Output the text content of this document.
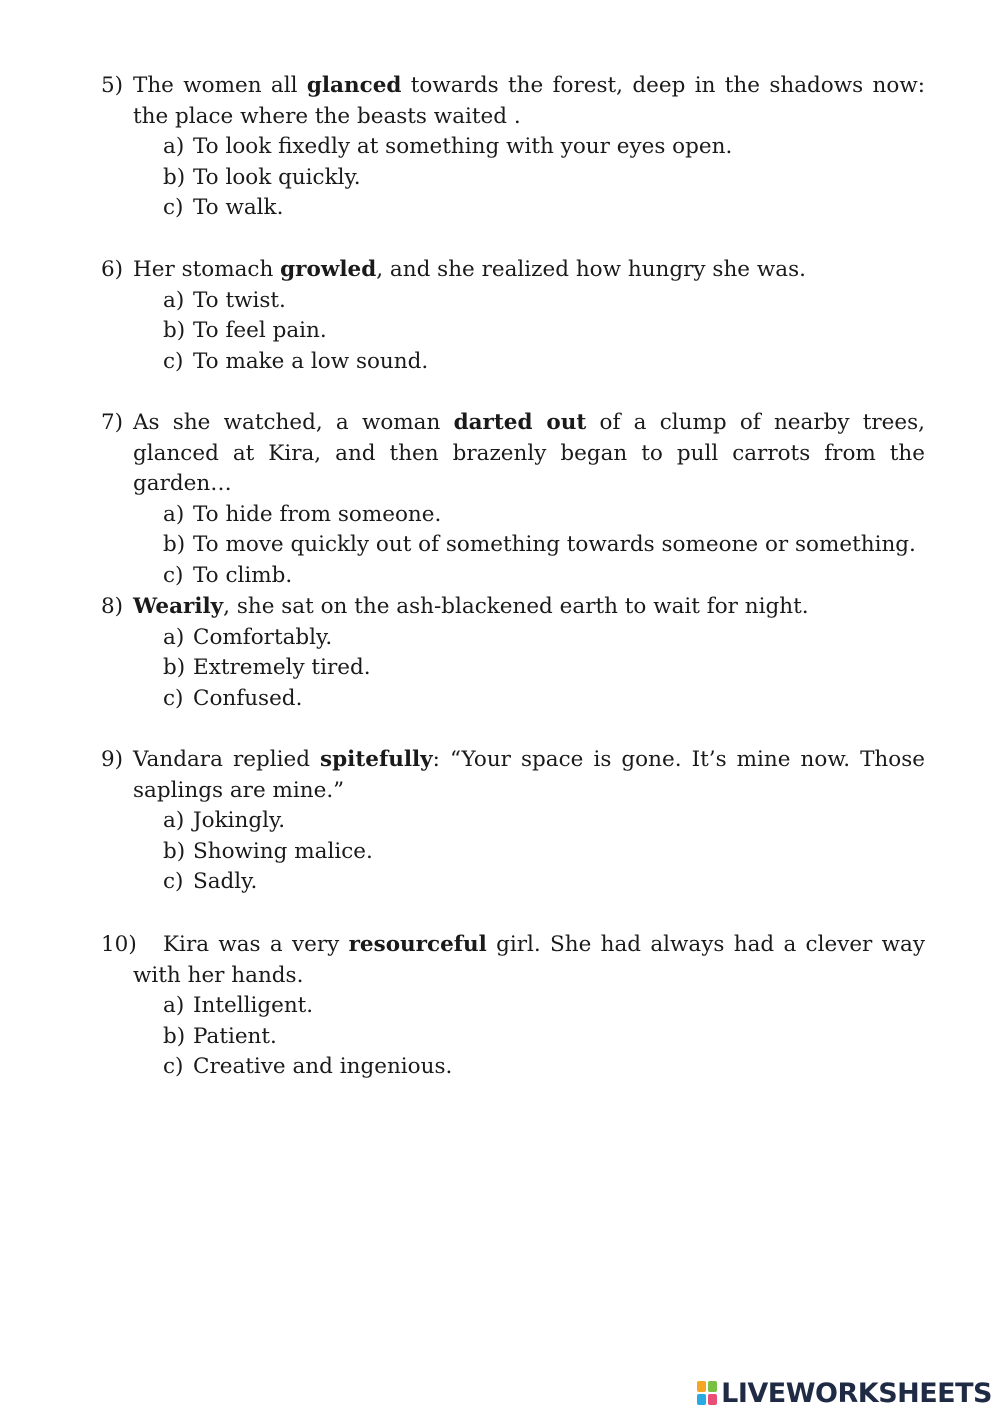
5) The women all glanced towards the forest, deep in the shadows now: the place where the beasts waited .
a) To look fixedly at something with your eyes open.
b) To look quickly.
c) To walk.
6) Her stomach growled, and she realized how hungry she was.
a) To twist.
b) To feel pain.
c) To make a low sound.
7) As she watched, a woman darted out of a clump of nearby trees, glanced at Kira, and then brazenly began to pull carrots from the garden…
a) To hide from someone.
b) To move quickly out of something towards someone or something.
c) To climb.
8) Wearily, she sat on the ash-blackened earth to wait for night.
a) Comfortably.
b) Extremely tired.
c) Confused.
9) Vandara replied spitefully: “Your space is gone. It’s mine now. Those saplings are mine.”
a) Jokingly.
b) Showing malice.
c) Sadly.
10) Kira was a very resourceful girl. She had always had a clever way with her hands.
a) Intelligent.
b) Patient.
c) Creative and ingenious.
LIVEWORKSHEETS
